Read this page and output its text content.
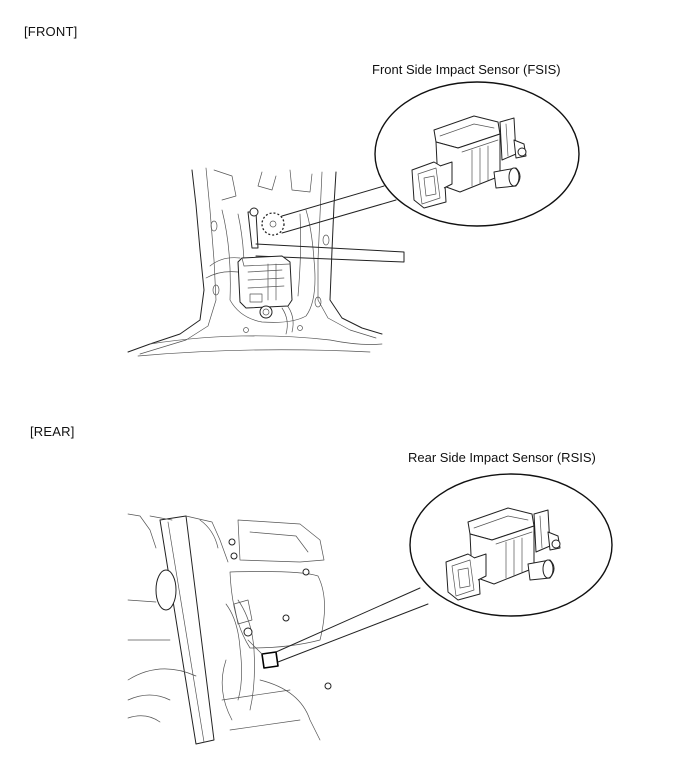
[FRONT]
Front Side Impact Sensor (FSIS)
[REAR]
Rear Side Impact Sensor (RSIS)
